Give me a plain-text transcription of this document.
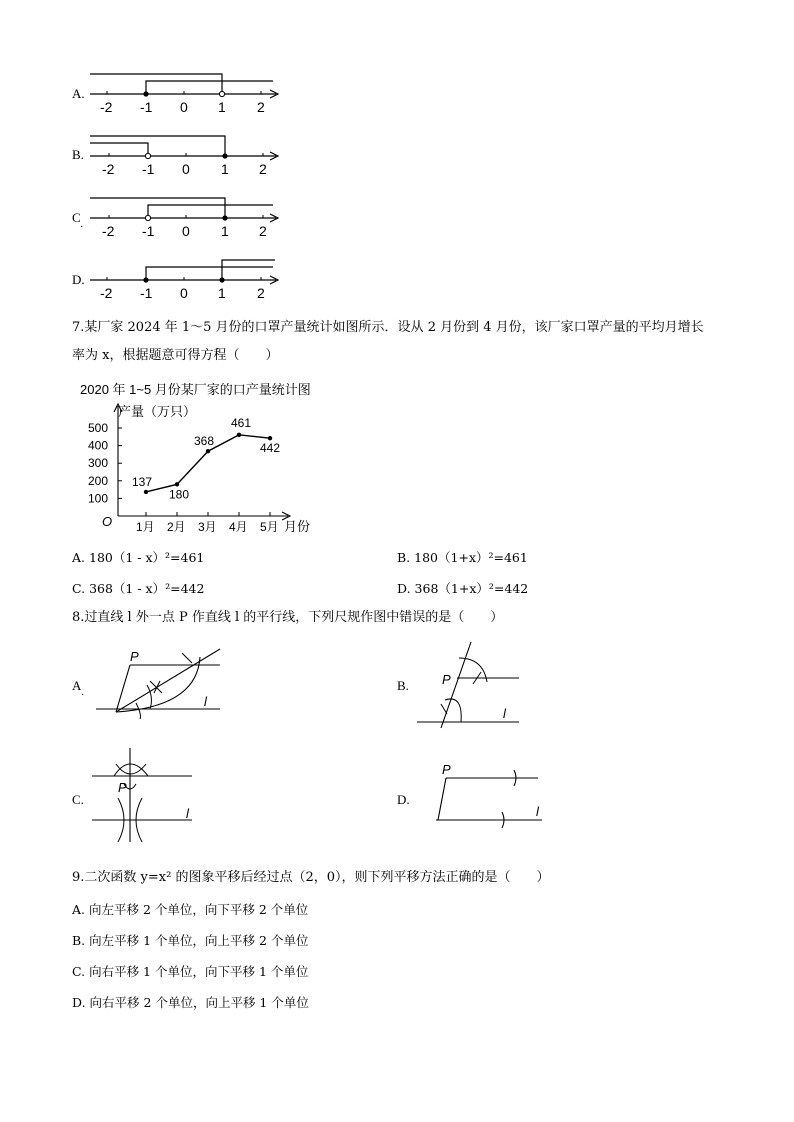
A.
-2 -1 0 1 2
B.
-2 -1 0 1 2
C
· -2 -1 0 1 2
D.
-2 -1 0 1 2
7.某厂家 2024 年 1～5 月份的口罩产量统计如图所示．设从 2 月份到 4 月份，该厂家口罩产量的平均月增长
率为 x，根据题意可得方程（　　）
2020 年 1~5 月份某厂家的口产量统计图
产量（万只）
月份
O
100
200
300
400
500
1月 2月 3月 4月 5月
137
180
368
461
442
A. 180（1 - x）²=461	B. 180（1+x）²=461
C. 368（1 - x）²=442	D. 368（1+x）²=442
8.过直线 l 外一点 P 作直线 l 的平行线，下列尺规作图中错误的是（　　）
A
·
P
l
B.	P
l
C.
P
l
D.
P
l
9.二次函数 y=x² 的图象平移后经过点（2，0），则下列平移方法正确的是（　　）
A. 向左平移 2 个单位，向下平移 2 个单位
B. 向左平移 1 个单位，向上平移 2 个单位
C. 向右平移 1 个单位，向下平移 1 个单位
D. 向右平移 2 个单位，向上平移 1 个单位
